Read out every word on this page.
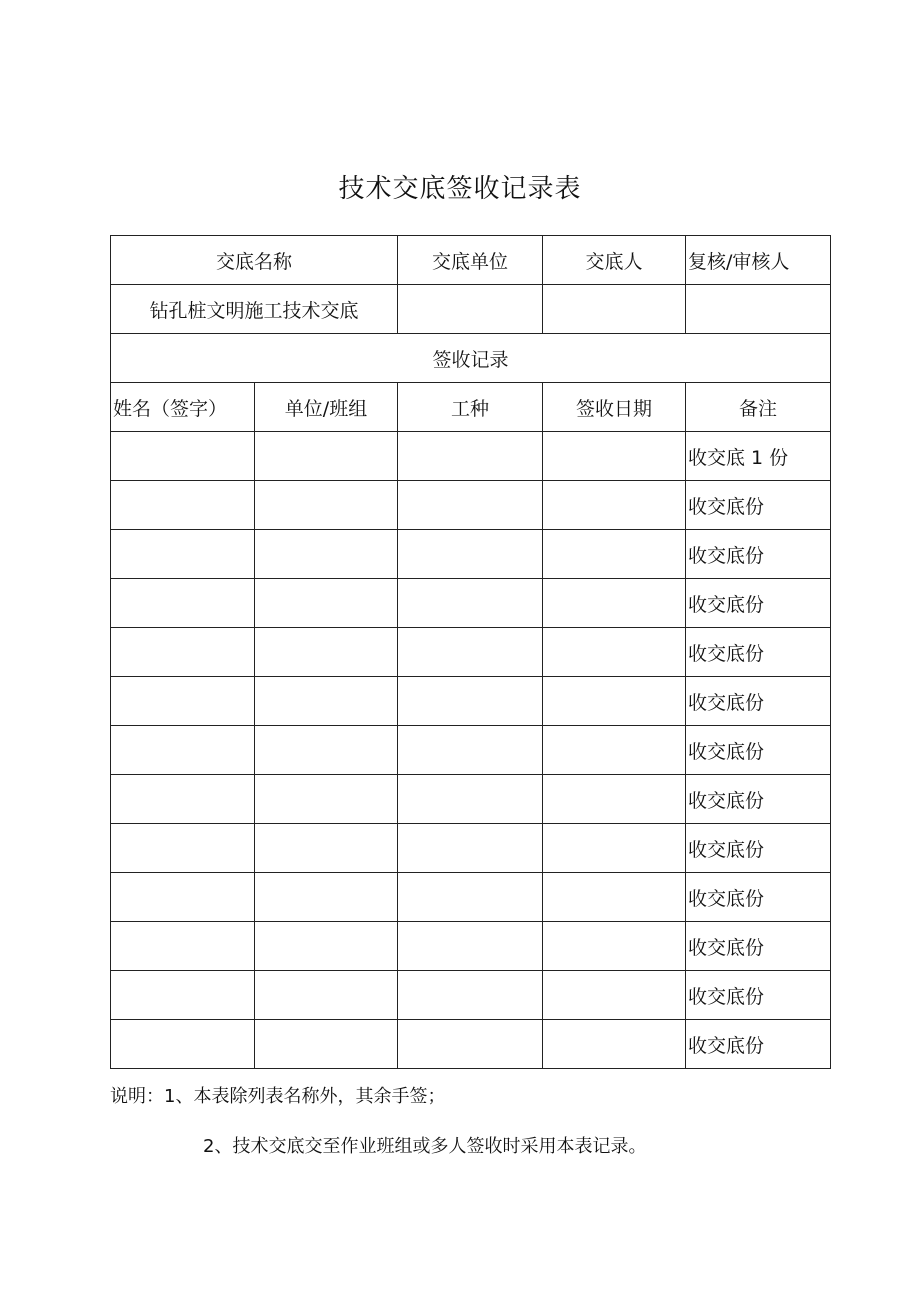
技术交底签收记录表
交底名称		交底单位	交底人	复核/审核人
钻孔桩文明施工技术交底				
签收记录				
姓名（签字）	单位/班组	工种	签收日期	备注
				收交底 1 份
				收交底份
				收交底份
				收交底份
				收交底份
				收交底份
				收交底份
				收交底份
				收交底份
				收交底份
				收交底份
				收交底份
				收交底份
说明：1、本表除列表名称外，其余手签；
2、技术交底交至作业班组或多人签收时采用本表记录。
